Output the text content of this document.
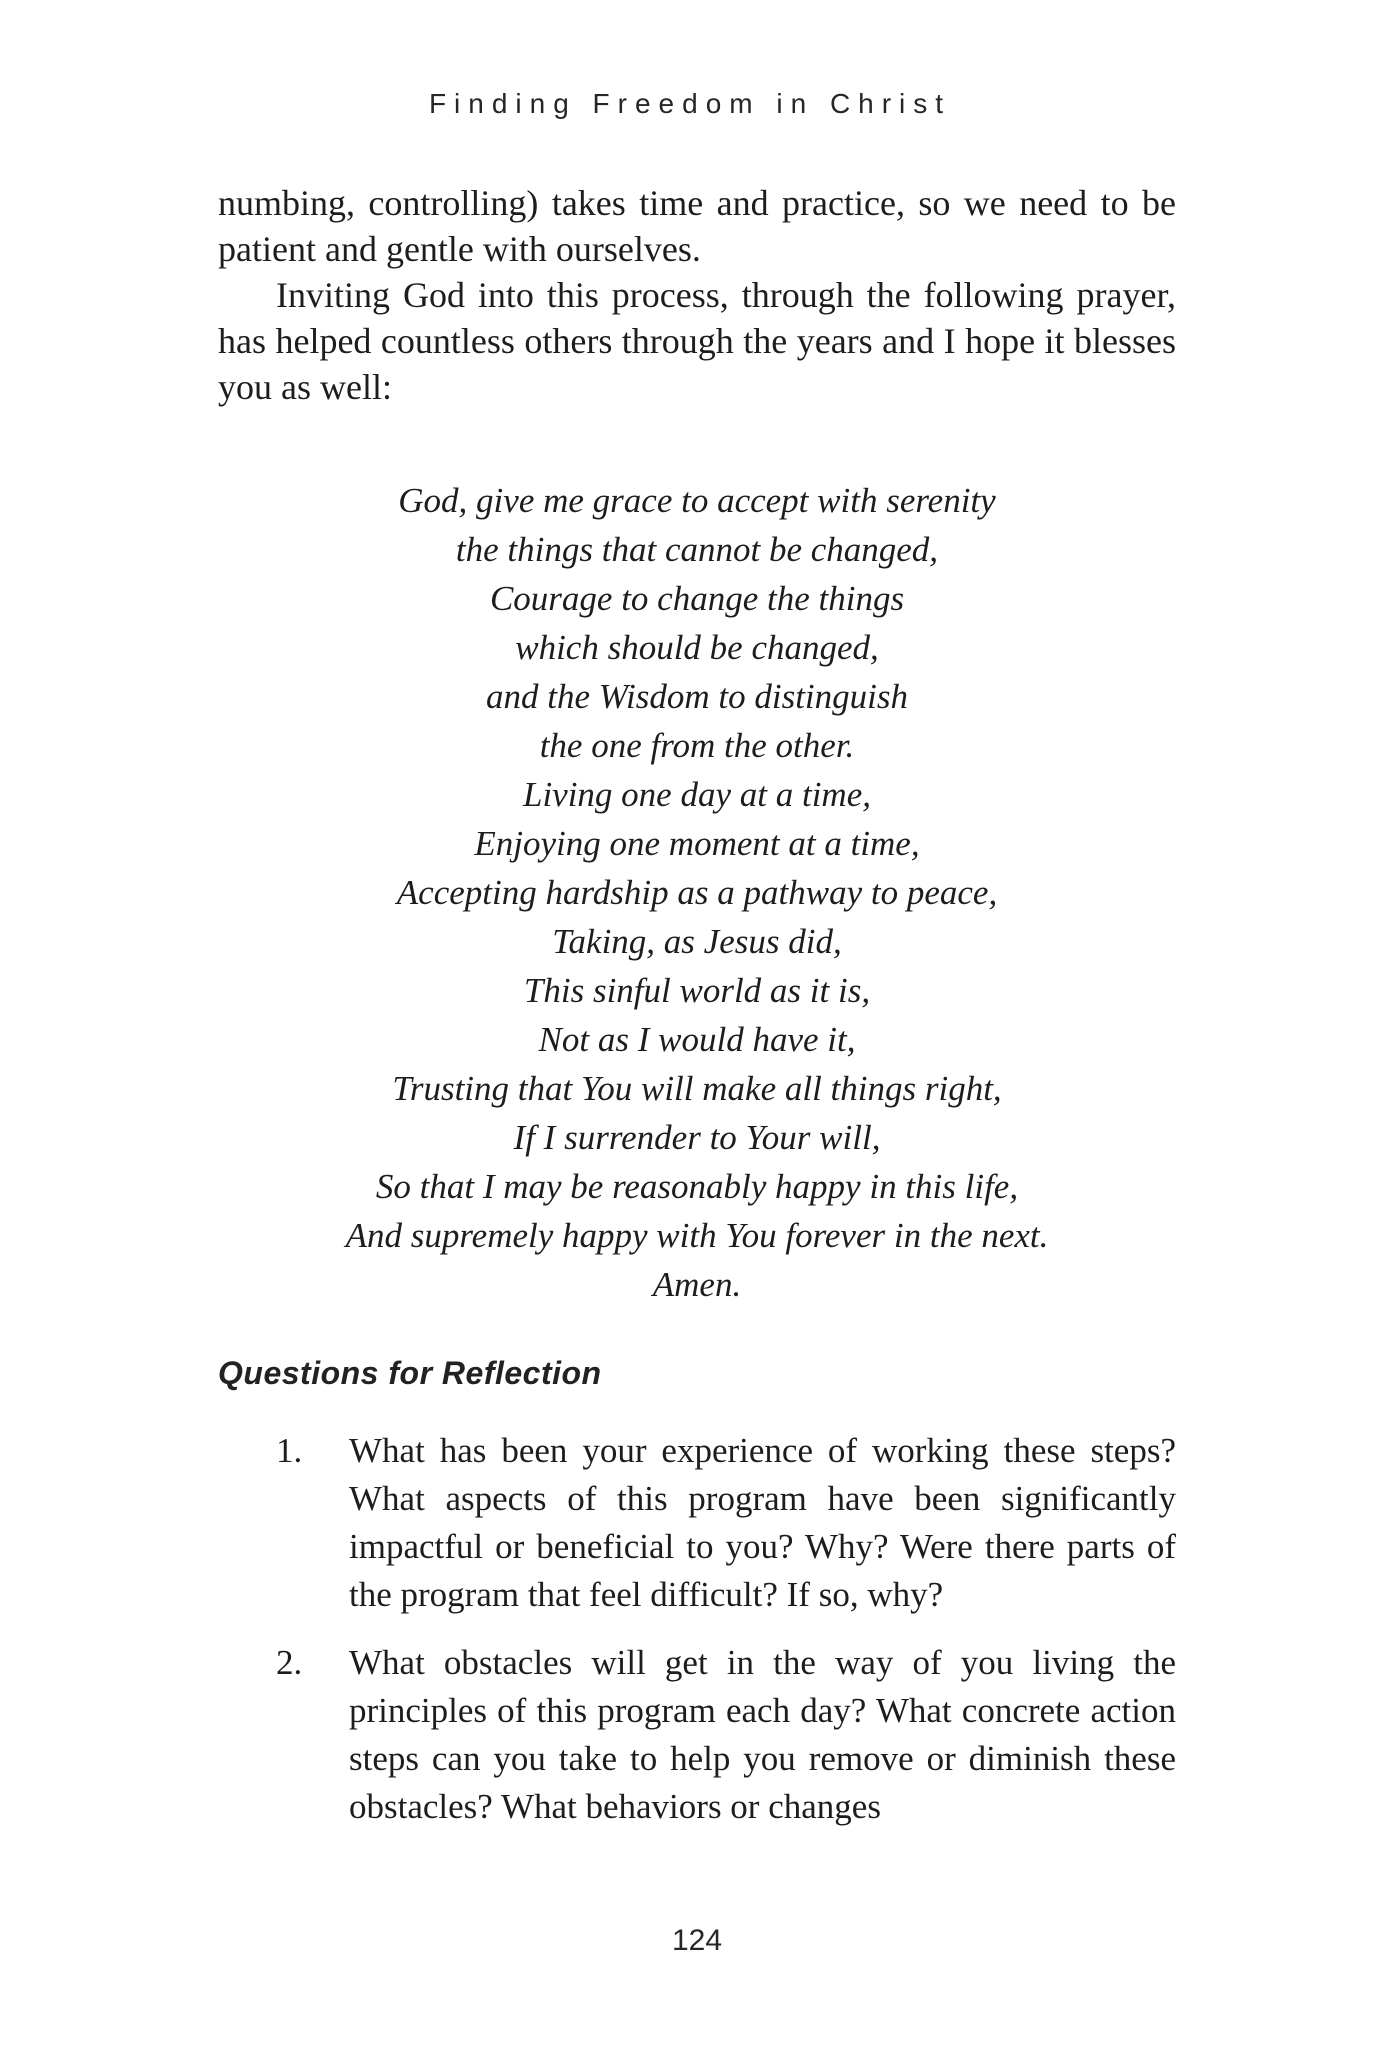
Finding Freedom in Christ

numbing, controlling) takes time and practice, so we need to be patient and gentle with ourselves.

Inviting God into this process, through the following prayer, has helped countless others through the years and I hope it blesses you as well:

God, give me grace to accept with serenity
the things that cannot be changed,
Courage to change the things
which should be changed,
and the Wisdom to distinguish
the one from the other.
Living one day at a time,
Enjoying one moment at a time,
Accepting hardship as a pathway to peace,
Taking, as Jesus did,
This sinful world as it is,
Not as I would have it,
Trusting that You will make all things right,
If I surrender to Your will,
So that I may be reasonably happy in this life,
And supremely happy with You forever in the next.
Amen.
Questions for Reflection
1.	What has been your experience of working these steps? What aspects of this program have been significantly impactful or beneficial to you? Why? Were there parts of the program that feel difficult? If so, why?
2.	What obstacles will get in the way of you living the principles of this program each day? What concrete action steps can you take to help you remove or diminish these obstacles? What behaviors or changes
124
